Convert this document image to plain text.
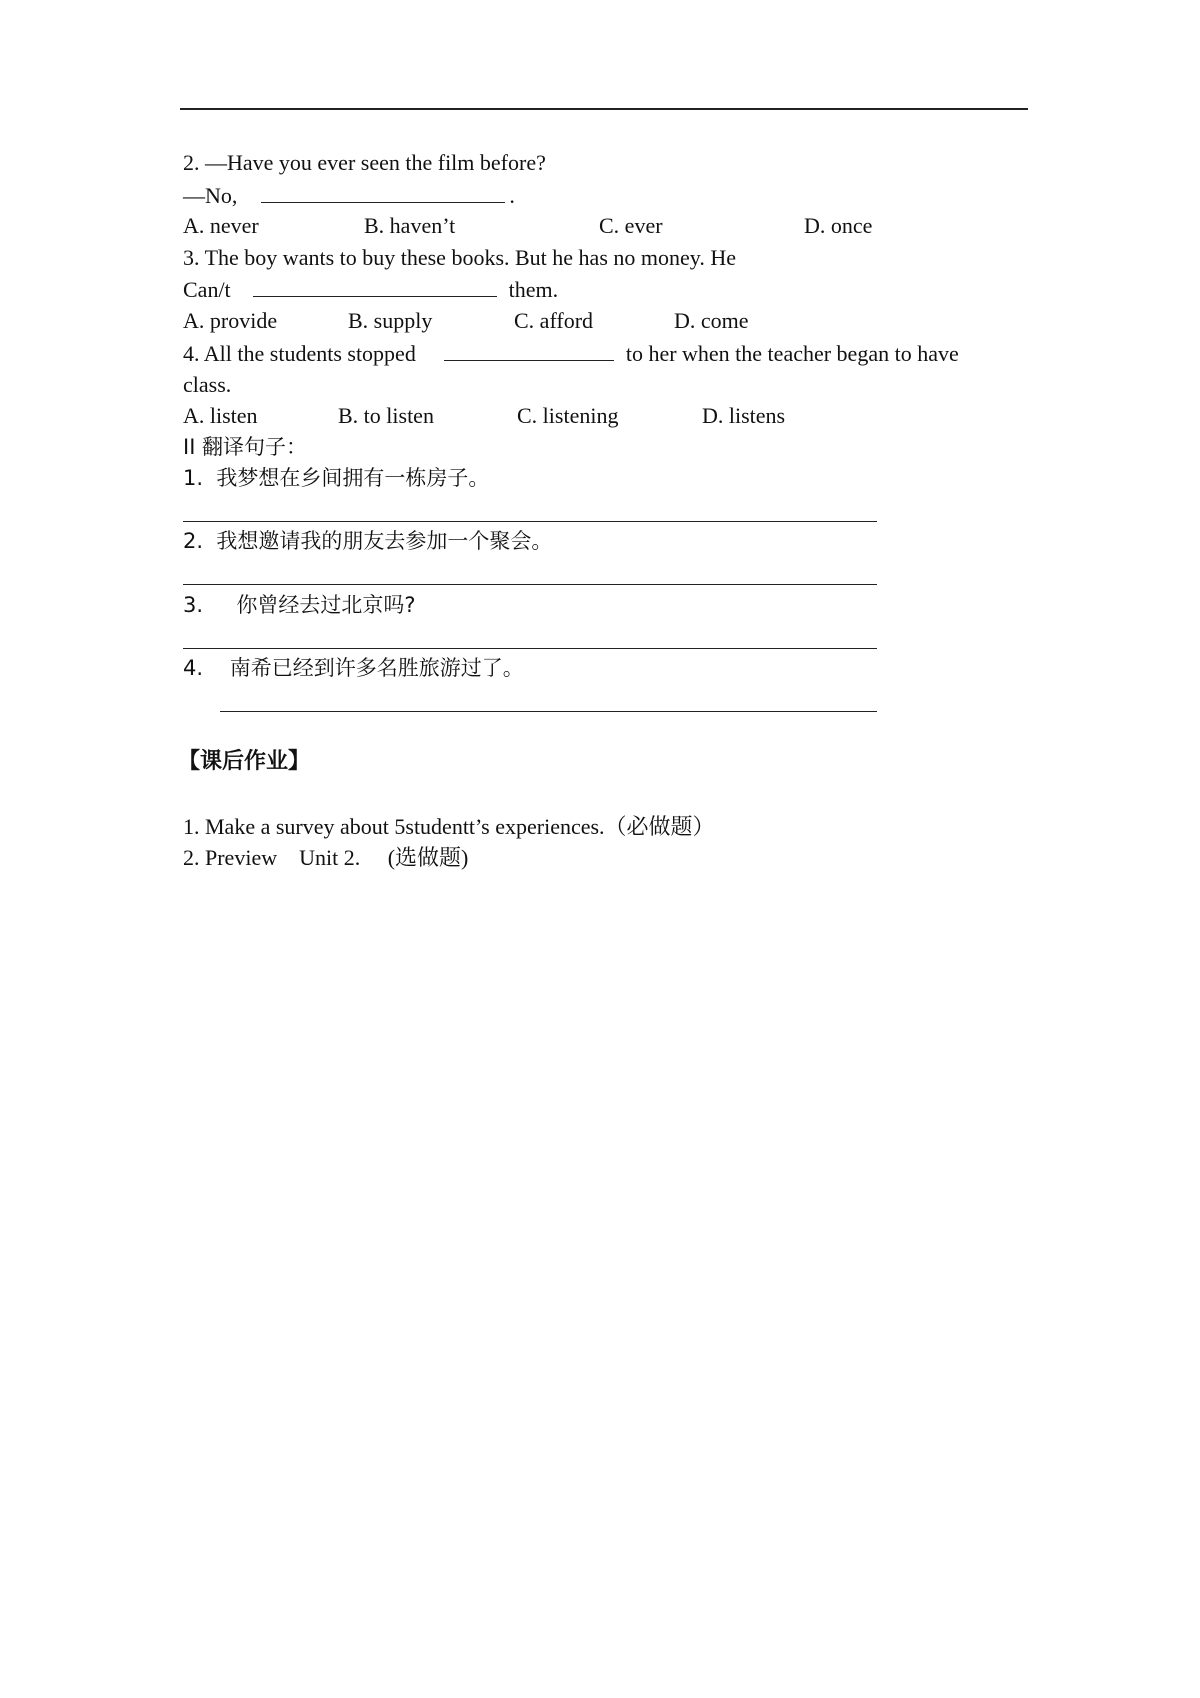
2. —Have you ever seen the film before?
—No,	.
A. never	B. haven’t	C. ever	D. once
3. The boy wants to buy these books. But he has no money. He
Can/t	them.
A. provide	B. supply	C. afford	D. come
4. All the students stopped	to her when the teacher began to have
class.
A. listen	B. to listen	C. listening	D. listens
II 翻译句子：
1.  我梦想在乡间拥有一栋房子。
2.  我想邀请我的朋友去参加一个聚会。
3.     你曾经去过北京吗?
4.    南希已经到许多名胜旅游过了。
【课后作业】
1. Make a survey about 5studentt’s experiences.（必做题）
2. Preview    Unit 2.     (选做题)
